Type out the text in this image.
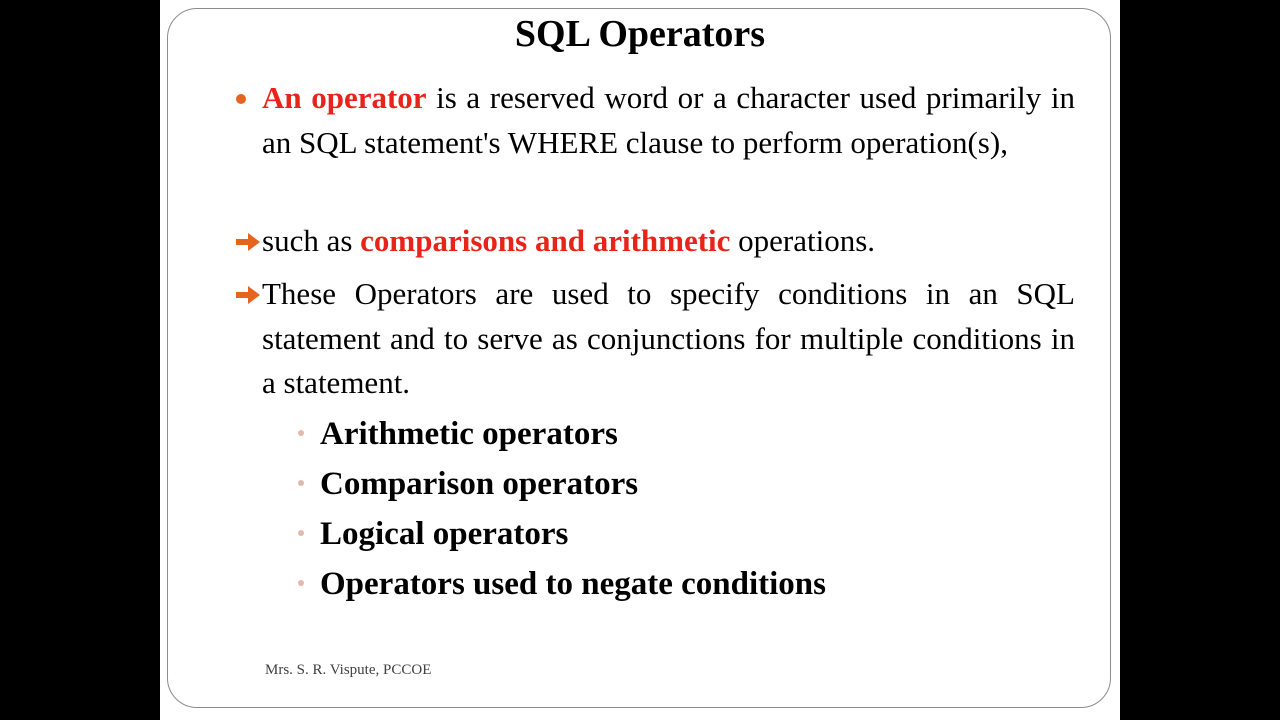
SQL Operators

An operator is a reserved word or a character used primarily in an SQL statement's WHERE clause to perform operation(s),

such as comparisons and arithmetic operations.

These Operators are used to specify conditions in an SQL statement and to serve as conjunctions for multiple conditions in a statement.

Arithmetic operators
Comparison operators
Logical operators
Operators used to negate conditions
Mrs. S. R. Vispute, PCCOE
